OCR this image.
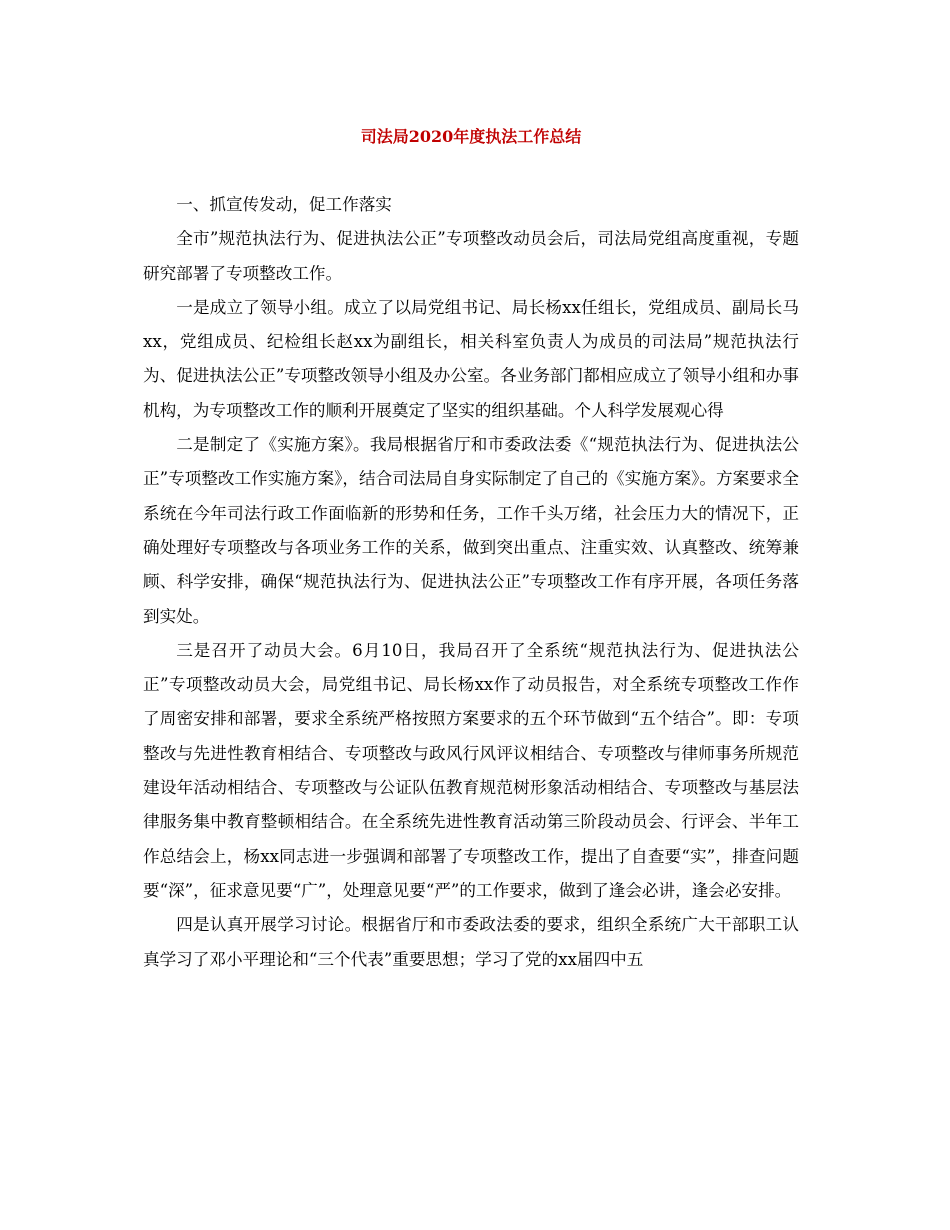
司法局2020年度执法工作总结

一、抓宣传发动，促工作落实

全市”规范执法行为、促进执法公正”专项整改动员会后，司法局党组高度重视，专题研究部署了专项整改工作。

一是成立了领导小组。成立了以局党组书记、局长杨xx任组长，党组成员、副局长马xx，党组成员、纪检组长赵xx为副组长，相关科室负责人为成员的司法局”规范执法行为、促进执法公正”专项整改领导小组及办公室。各业务部门都相应成立了领导小组和办事机构，为专项整改工作的顺利开展奠定了坚实的组织基础。个人科学发展观心得

二是制定了《实施方案》。我局根据省厅和市委政法委《“规范执法行为、促进执法公正”专项整改工作实施方案》，结合司法局自身实际制定了自己的《实施方案》。方案要求全系统在今年司法行政工作面临新的形势和任务，工作千头万绪，社会压力大的情况下，正确处理好专项整改与各项业务工作的关系，做到突出重点、注重实效、认真整改、统筹兼顾、科学安排，确保“规范执法行为、促进执法公正”专项整改工作有序开展，各项任务落到实处。

三是召开了动员大会。6月10日，我局召开了全系统“规范执法行为、促进执法公正”专项整改动员大会，局党组书记、局长杨xx作了动员报告，对全系统专项整改工作作了周密安排和部署，要求全系统严格按照方案要求的五个环节做到“五个结合”。即：专项整改与先进性教育相结合、专项整改与政风行风评议相结合、专项整改与律师事务所规范建设年活动相结合、专项整改与公证队伍教育规范树形象活动相结合、专项整改与基层法律服务集中教育整顿相结合。在全系统先进性教育活动第三阶段动员会、行评会、半年工作总结会上，杨xx同志进一步强调和部署了专项整改工作，提出了自查要“实”，排查问题要“深”，征求意见要“广”，处理意见要“严”的工作要求，做到了逢会必讲，逢会必安排。

四是认真开展学习讨论。根据省厅和市委政法委的要求，组织全系统广大干部职工认真学习了邓小平理论和“三个代表”重要思想；学习了党的xx届四中五
